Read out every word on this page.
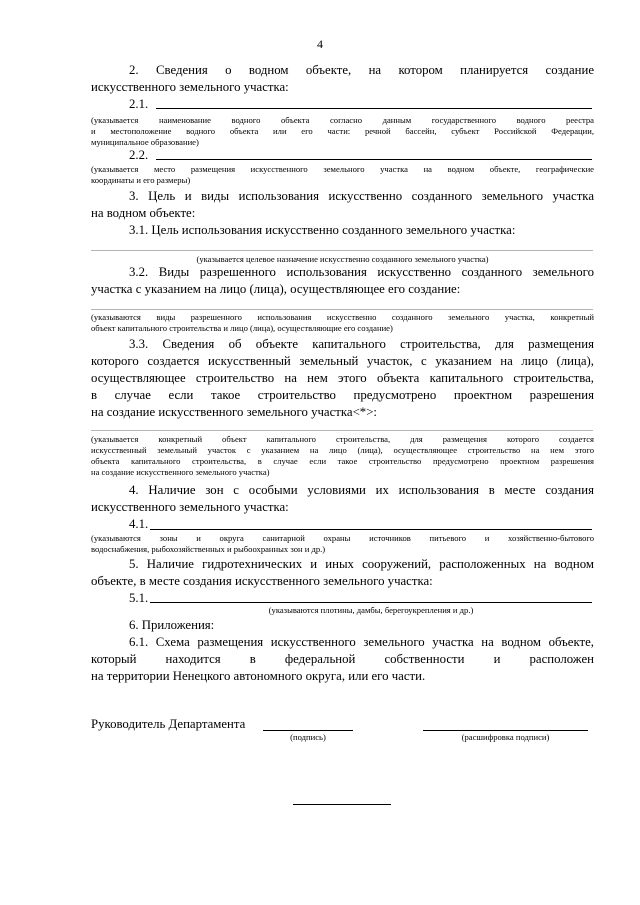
4
2. Сведения о водном объекте, на котором планируется создание
искусственного земельного участка:
2.1.
(указывается наименование водного объекта согласно данным государственного водного реестра
и местоположение водного объекта или его части: речной бассейн, субъект Российской Федерации,
муниципальное образование)
2.2.
(указывается место размещения искусственного земельного участка на водном объекте, географические
координаты и его размеры)
3. Цель и виды использования искусственно созданного земельного участка
на водном объекте:
3.1. Цель использования искусственно созданного земельного участка:
(указывается целевое назначение искусственно созданного земельного участка)
3.2. Виды разрешенного использования искусственно созданного земельного
участка с указанием на лицо (лица), осуществляющее его создание:
(указываются виды разрешенного использования искусственно созданного земельного участка, конкретный
объект капитального строительства и лицо (лица), осуществляющие его создание)
3.3. Сведения об объекте капитального строительства, для размещения
которого создается искусственный земельный участок, с указанием на лицо (лица),
осуществляющее строительство на нем этого объекта капитального строительства,
в случае если такое строительство предусмотрено проектном разрешения
на создание искусственного земельного участка<*>:
(указывается конкретный объект капитального строительства, для размещения которого создается
искусственный земельный участок с указанием на лицо (лица), осуществляющее строительство на нем этого
объекта капитального строительства, в случае если такое строительство предусмотрено проектном разрешения
на создание искусственного земельного участка)
4. Наличие зон с особыми условиями их использования в месте создания
искусственного земельного участка:
4.1.
(указываются зоны и округа санитарной охраны источников питьевого и хозяйственно-бытового
водоснабжения, рыбохозяйственных и рыбоохранных зон и др.)
5. Наличие гидротехнических и иных сооружений, расположенных на водном
объекте, в месте создания искусственного земельного участка:
5.1.
(указываются плотины, дамбы, берегоукрепления и др.)
6. Приложения:
6.1. Схема размещения искусственного земельного участка на водном объекте,
который находится в федеральной собственности и расположен
на территории Ненецкого автономного округа, или его части.
Руководитель Департамента
(подпись)	(расшифровка подписи)
